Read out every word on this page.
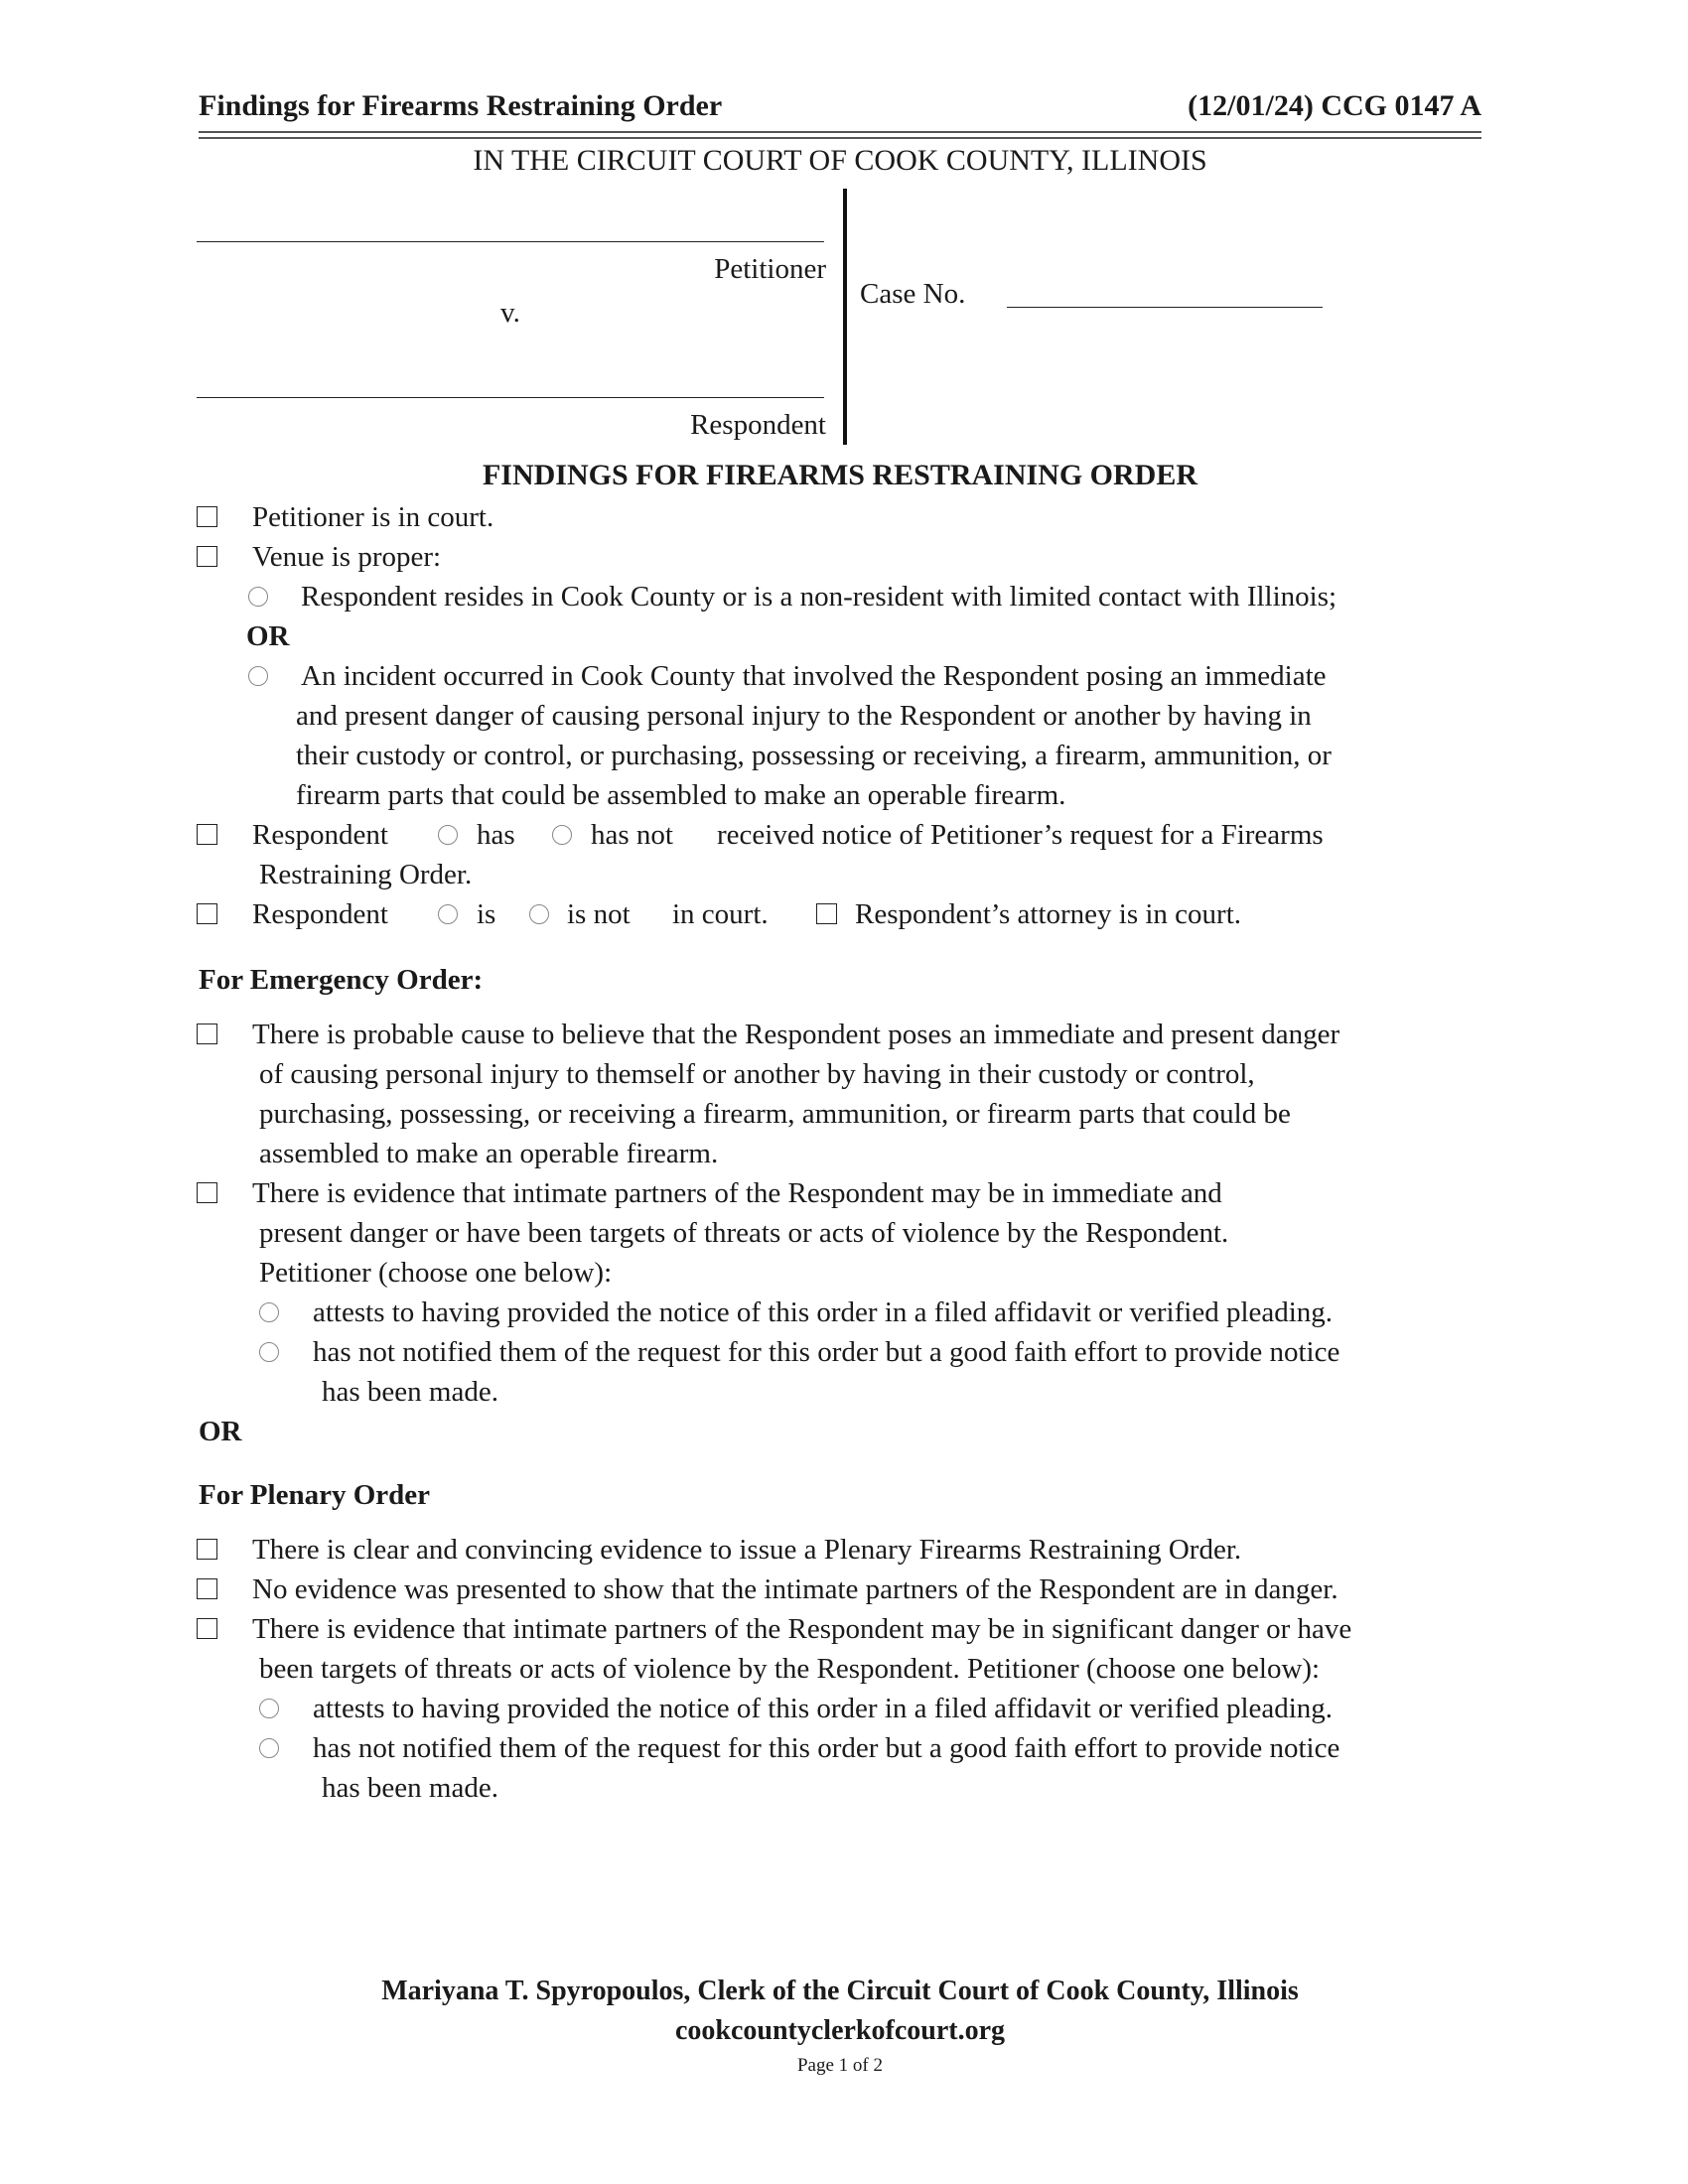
Findings for Firearms Restraining Order	(12/01/24) CCG 0147 A
IN THE CIRCUIT COURT OF COOK COUNTY, ILLINOIS
Petitioner
v.
Respondent
Case No.
FINDINGS FOR FIREARMS RESTRAINING ORDER
Petitioner is in court.
Venue is proper:
Respondent resides in Cook County or is a non-resident with limited contact with Illinois;
OR
An incident occurred in Cook County that involved the Respondent posing an immediate
and present danger of causing personal injury to the Respondent or another by having in
their custody or control, or purchasing, possessing or receiving, a firearm, ammunition, or
firearm parts that could be assembled to make an operable firearm.
Respondent	has	has not received notice of Petitioner’s request for a Firearms
Restraining Order.
Respondent	is is not in court.	Respondent’s attorney is in court.
For Emergency Order:
There is probable cause to believe that the Respondent poses an immediate and present danger
of causing personal injury to themself or another by having in their custody or control,
purchasing, possessing, or receiving a firearm, ammunition, or firearm parts that could be
assembled to make an operable firearm.
There is evidence that intimate partners of the Respondent may be in immediate and
present danger or have been targets of threats or acts of violence by the Respondent.
Petitioner (choose one below):
attests to having provided the notice of this order in a filed affidavit or verified pleading.
has not notified them of the request for this order but a good faith effort to provide notice
has been made.
OR
For Plenary Order
There is clear and convincing evidence to issue a Plenary Firearms Restraining Order.
No evidence was presented to show that the intimate partners of the Respondent are in danger.
There is evidence that intimate partners of the Respondent may be in significant danger or have
been targets of threats or acts of violence by the Respondent. Petitioner (choose one below):
attests to having provided the notice of this order in a filed affidavit or verified pleading.
has not notified them of the request for this order but a good faith effort to provide notice
has been made.
Mariyana T. Spyropoulos, Clerk of the Circuit Court of Cook County, Illinois
cookcountyclerkofcourt.org
Page 1 of 2
